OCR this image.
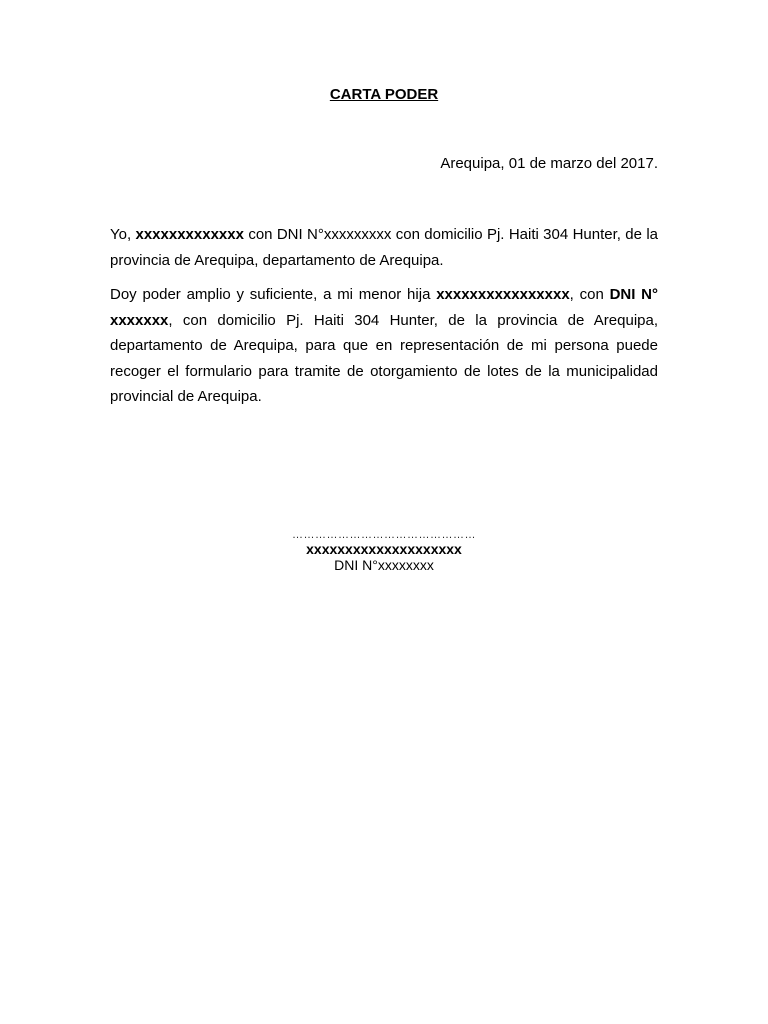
CARTA PODER
Arequipa, 01 de marzo del 2017.
Yo, xxxxxxxxxxxxx con DNI N°xxxxxxxxx con domicilio Pj. Haiti 304 Hunter, de la provincia de Arequipa, departamento de Arequipa.
Doy poder amplio y suficiente, a mi menor hija xxxxxxxxxxxxxxxx, con DNI N° xxxxxxx, con domicilio Pj. Haiti 304 Hunter, de la provincia de Arequipa, departamento de Arequipa, para que en representación de mi persona puede recoger el formulario para tramite de otorgamiento de lotes de la municipalidad provincial de Arequipa.
…………………………………………
xxxxxxxxxxxxxxxxxxxx
DNI N°xxxxxxxx
